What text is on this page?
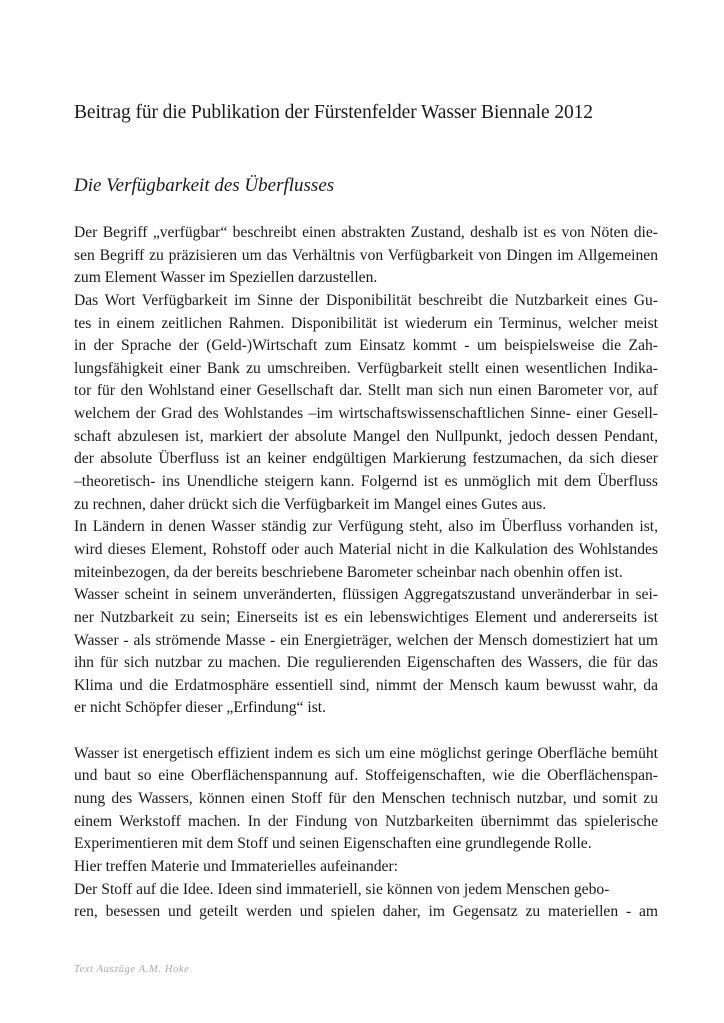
Beitrag für die Publikation der Fürstenfelder Wasser Biennale 2012
Die Verfügbarkeit des Überflusses
Der Begriff „verfügbar“ beschreibt einen abstrakten Zustand, deshalb ist es von Nöten die-
sen Begriff zu präzisieren um das Verhältnis von Verfügbarkeit von Dingen im Allgemeinen
zum Element Wasser im Speziellen darzustellen.
Das Wort Verfügbarkeit im Sinne der Disponibilität beschreibt die Nutzbarkeit eines Gu-
tes in einem zeitlichen Rahmen. Disponibilität ist wiederum ein Terminus, welcher meist
in der Sprache der (Geld-)Wirtschaft zum Einsatz kommt - um beispielsweise die Zah-
lungsfähigkeit einer Bank zu umschreiben. Verfügbarkeit stellt einen wesentlichen Indika-
tor für den Wohlstand einer Gesellschaft dar. Stellt man sich nun einen Barometer vor, auf
welchem der Grad des Wohlstandes –im wirtschaftswissenschaftlichen Sinne- einer Gesell-
schaft abzulesen ist, markiert der absolute Mangel den Nullpunkt, jedoch dessen Pendant,
der absolute Überfluss ist an keiner endgültigen Markierung festzumachen, da sich dieser
–theoretisch- ins Unendliche steigern kann. Folgernd ist es unmöglich mit dem Überfluss
zu rechnen, daher drückt sich die Verfügbarkeit im Mangel eines Gutes aus.
In Ländern in denen Wasser ständig zur Verfügung steht, also im Überfluss vorhanden ist,
wird dieses Element, Rohstoff oder auch Material nicht in die Kalkulation des Wohlstandes
miteinbezogen, da der bereits beschriebene Barometer scheinbar nach obenhin offen ist.
Wasser scheint in seinem unveränderten, flüssigen Aggregatszustand unveränderbar in sei-
ner Nutzbarkeit zu sein; Einerseits ist es ein lebenswichtiges Element und andererseits ist
Wasser - als strömende Masse - ein Energieträger, welchen der Mensch domestiziert hat um
ihn für sich nutzbar zu machen. Die regulierenden Eigenschaften des Wassers, die für das
Klima und die Erdatmosphäre essentiell sind, nimmt der Mensch kaum bewusst wahr, da
er nicht Schöpfer dieser „Erfindung“ ist.
Wasser ist energetisch effizient indem es sich um eine möglichst geringe Oberfläche bemüht
und baut so eine Oberflächenspannung auf. Stoffeigenschaften, wie die Oberflächenspan-
nung des Wassers, können einen Stoff für den Menschen technisch nutzbar, und somit zu
einem Werkstoff machen. In der Findung von Nutzbarkeiten übernimmt das spielerische
Experimentieren mit dem Stoff und seinen Eigenschaften eine grundlegende Rolle.
Hier treffen Materie und Immaterielles aufeinander:
Der Stoff auf die Idee. Ideen sind immateriell, sie können von jedem Menschen gebo-
ren, besessen und geteilt werden und spielen daher, im Gegensatz zu materiellen - am
Text Auszüge A.M. Hoke
